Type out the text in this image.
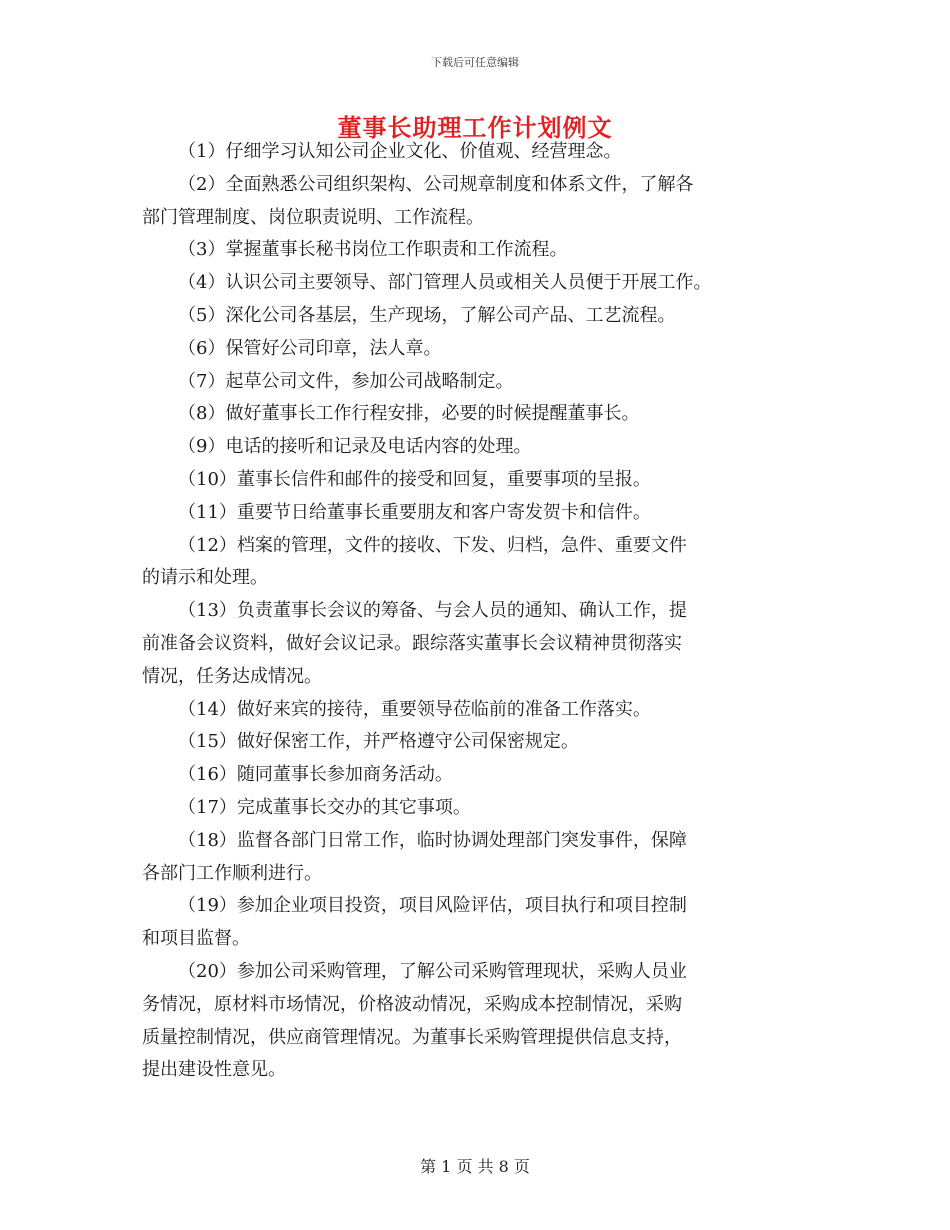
下载后可任意编辑
董事长助理工作计划例文

（1）仔细学习认知公司企业文化、价值观、经营理念。

（2）全面熟悉公司组织架构、公司规章制度和体系文件，了解各
部门管理制度、岗位职责说明、工作流程。

（3）掌握董事长秘书岗位工作职责和工作流程。

（4）认识公司主要领导、部门管理人员或相关人员便于开展工作。

（5）深化公司各基层，生产现场，了解公司产品、工艺流程。

（6）保管好公司印章，法人章。

（7）起草公司文件，参加公司战略制定。

（8）做好董事长工作行程安排，必要的时候提醒董事长。

（9）电话的接听和记录及电话内容的处理。

（10）董事长信件和邮件的接受和回复，重要事项的呈报。

（11）重要节日给董事长重要朋友和客户寄发贺卡和信件。

（12）档案的管理，文件的接收、下发、归档，急件、重要文件
的请示和处理。

（13）负责董事长会议的筹备、与会人员的通知、确认工作，提
前准备会议资料，做好会议记录。跟综落实董事长会议精神贯彻落实
情况，任务达成情况。

（14）做好来宾的接待，重要领导莅临前的准备工作落实。

（15）做好保密工作，并严格遵守公司保密规定。

（16）随同董事长参加商务活动。

（17）完成董事长交办的其它事项。

（18）监督各部门日常工作，临时协调处理部门突发事件，保障
各部门工作顺利进行。

（19）参加企业项目投资，项目风险评估，项目执行和项目控制
和项目监督。

（20）参加公司采购管理，了解公司采购管理现状，采购人员业
务情况，原材料市场情况，价格波动情况，采购成本控制情况，采购
质量控制情况，供应商管理情况。为董事长采购管理提供信息支持，
提出建设性意见。

第 1 页 共 8 页
